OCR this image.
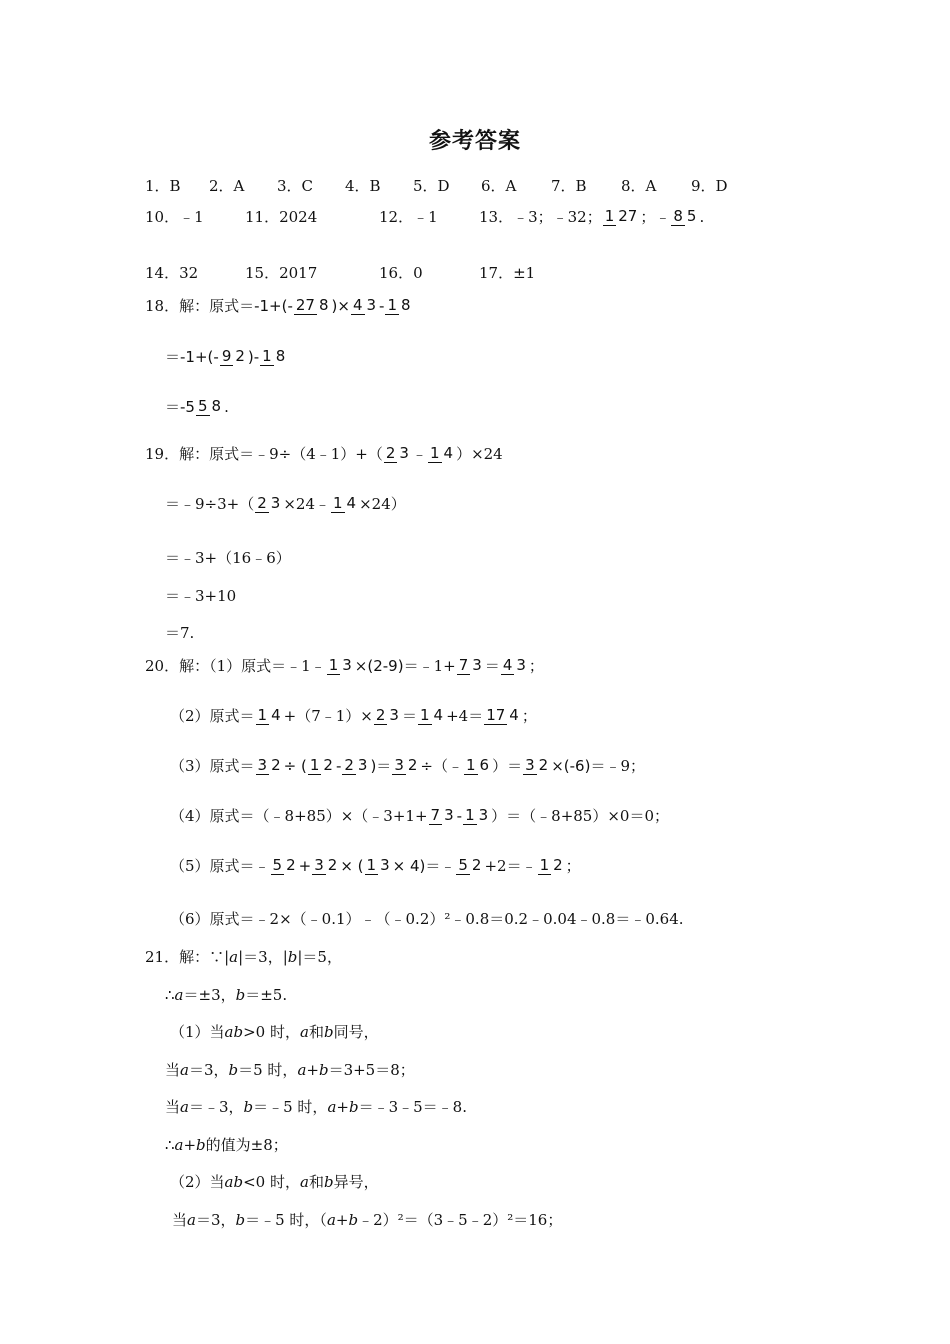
参考答案
1．B	2．A	3．C	4．B	5．D	6．A	7．B	8．A	9．D
10．﹣1	11．2024	12．﹣1	13．﹣3；﹣32； 1 27 ；﹣ 8 5 .
14．32	15．2017	16．0	17．±1
18．解：原式＝ -1+(- 27 8 )× 4 3 - 1 8
＝ -1+(- 9 2 )- 1 8
＝ -5 5 8 .
19．解：原式＝﹣9÷（4﹣1）+（ 2 3 ﹣ 1 4 ）×24
＝﹣9÷3+（ 2 3 ×24﹣ 1 4 ×24）
＝﹣3+（16﹣6）
＝﹣3+10
＝7.
20．解：（1）原式＝﹣1﹣ 1 3 × (2-9) ＝﹣1+ 7 3 ＝ 4 3 ；
（2）原式＝ 1 4 +（7﹣1）× 2 3 ＝ 1 4 +4＝ 17 4 ；
（3）原式＝ 3 2 ÷ ( 1 2 - 2 3 )＝ 3 2 ÷（﹣ 1 6 ）＝ 3 2 × (-6) ＝﹣9；
（4）原式＝（﹣8+85）×（﹣3+1+ 7 3 - 1 3 ）＝（﹣8+85）×0＝0；
（5）原式＝﹣ 5 2 + 3 2 × ( 1 3 × 4) ＝﹣ 5 2 +2＝﹣ 1 2 ；
（6）原式＝﹣2×（﹣0.1）﹣（﹣0.2）²﹣0.8＝0.2﹣0.04﹣0.8＝﹣0.64.
21．解：∵| a |＝3，| b |＝5，
∴ a ＝±3， b ＝±5.
（1）当 ab >0 时， a 和 b 同号，
当 a ＝3， b ＝5 时， a+b ＝3+5＝8；
当 a ＝﹣3， b ＝﹣5 时， a+b ＝﹣3﹣5＝﹣8.
∴ a+b 的值为±8；
（2）当 ab <0 时， a 和 b 异号，
当 a ＝3， b ＝﹣5 时，（ a+b ﹣2）²＝（3﹣5﹣2）²＝16；
